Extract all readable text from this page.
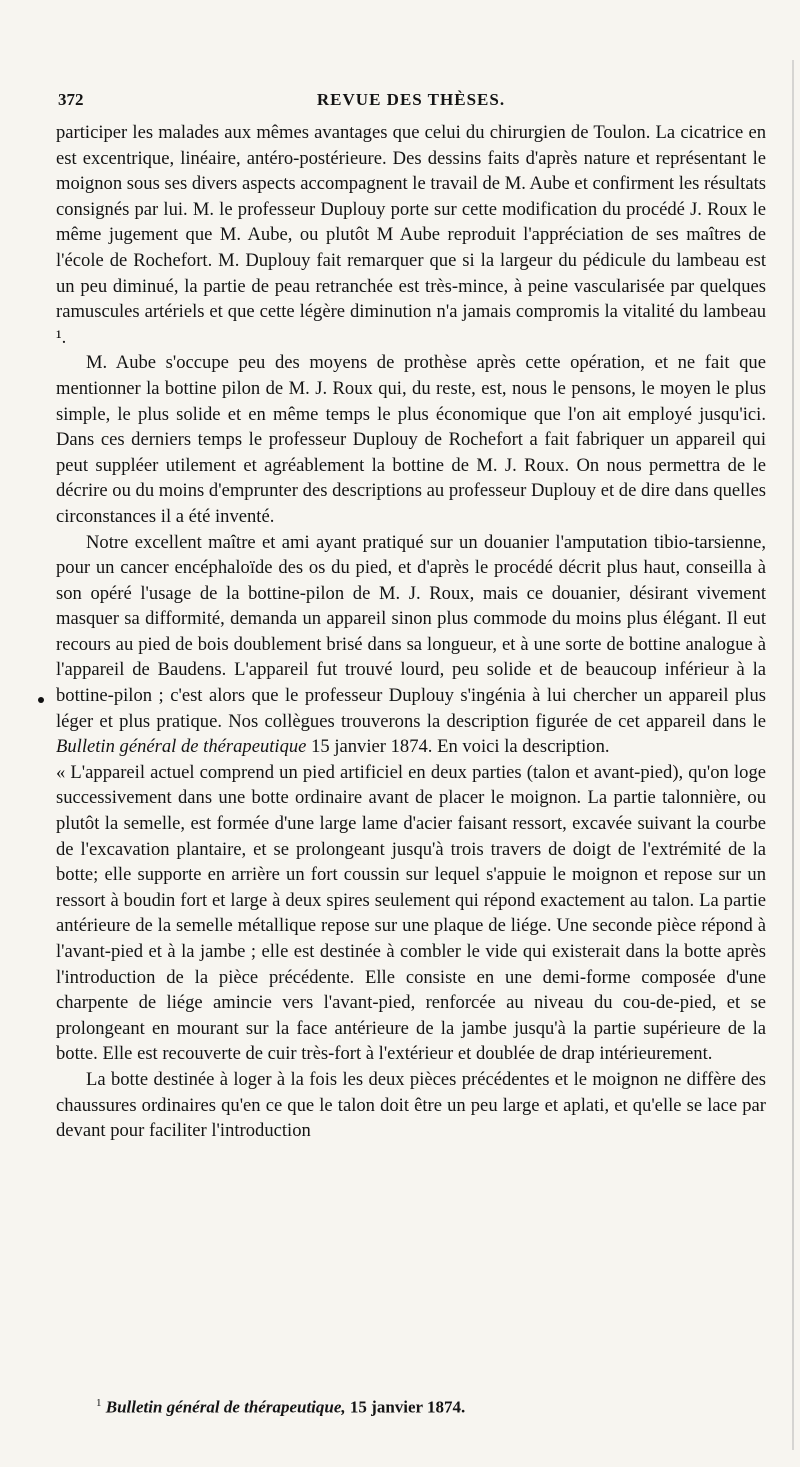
372	REVUE DES THÈSES.

participer les malades aux mêmes avantages que celui du chirurgien de Toulon. La cicatrice en est excentrique, linéaire, antéro-postérieure. Des dessins faits d'après nature et représentant le moignon sous ses divers aspects accompagnent le travail de M. Aube et confirment les résultats consignés par lui. M. le professeur Duplouy porte sur cette modification du procédé J. Roux le même jugement que M. Aube, ou plutôt M Aube reproduit l'appréciation de ses maîtres de l'école de Rochefort. M. Duplouy fait remarquer que si la largeur du pédicule du lambeau est un peu diminué, la partie de peau retranchée est très-mince, à peine vascularisée par quelques ramuscules artériels et que cette légère diminution n'a jamais compromis la vitalité du lambeau ¹.

M. Aube s'occupe peu des moyens de prothèse après cette opération, et ne fait que mentionner la bottine pilon de M. J. Roux qui, du reste, est, nous le pensons, le moyen le plus simple, le plus solide et en même temps le plus économique que l'on ait employé jusqu'ici. Dans ces derniers temps le professeur Duplouy de Rochefort a fait fabriquer un appareil qui peut suppléer utilement et agréablement la bottine de M. J. Roux. On nous permettra de le décrire ou du moins d'emprunter des descriptions au professeur Duplouy et de dire dans quelles circonstances il a été inventé.

Notre excellent maître et ami ayant pratiqué sur un douanier l'amputation tibio-tarsienne, pour un cancer encéphaloïde des os du pied, et d'après le procédé décrit plus haut, conseilla à son opéré l'usage de la bottine-pilon de M. J. Roux, mais ce douanier, désirant vivement masquer sa difformité, demanda un appareil sinon plus commode du moins plus élégant. Il eut recours au pied de bois doublement brisé dans sa longueur, et à une sorte de bottine analogue à l'appareil de Baudens. L'appareil fut trouvé lourd, peu solide et de beaucoup inférieur à la bottine-pilon ; c'est alors que le professeur Duplouy s'ingénia à lui chercher un appareil plus léger et plus pratique. Nos collègues trouverons la description figurée de cet appareil dans le Bulletin général de thérapeutique 15 janvier 1874. En voici la description.

« L'appareil actuel comprend un pied artificiel en deux parties (talon et avant-pied), qu'on loge successivement dans une botte ordinaire avant de placer le moignon. La partie talonnière, ou plutôt la semelle, est formée d'une large lame d'acier faisant ressort, excavée suivant la courbe de l'excavation plantaire, et se prolongeant jusqu'à trois travers de doigt de l'extrémité de la botte; elle supporte en arrière un fort coussin sur lequel s'appuie le moignon et repose sur un ressort à boudin fort et large à deux spires seulement qui répond exactement au talon. La partie antérieure de la semelle métallique repose sur une plaque de liége. Une seconde pièce répond à l'avant-pied et à la jambe ; elle est destinée à combler le vide qui existerait dans la botte après l'introduction de la pièce précédente. Elle consiste en une demi-forme composée d'une charpente de liége amincie vers l'avant-pied, renforcée au niveau du cou-de-pied, et se prolongeant en mourant sur la face antérieure de la jambe jusqu'à la partie supérieure de la botte. Elle est recouverte de cuir très-fort à l'extérieur et doublée de drap intérieurement.

La botte destinée à loger à la fois les deux pièces précédentes et le moignon ne diffère des chaussures ordinaires qu'en ce que le talon doit être un peu large et aplati, et qu'elle se lace par devant pour faciliter l'introduction

$^1$ Bulletin général de thérapeutique, 15 janvier 1874.
